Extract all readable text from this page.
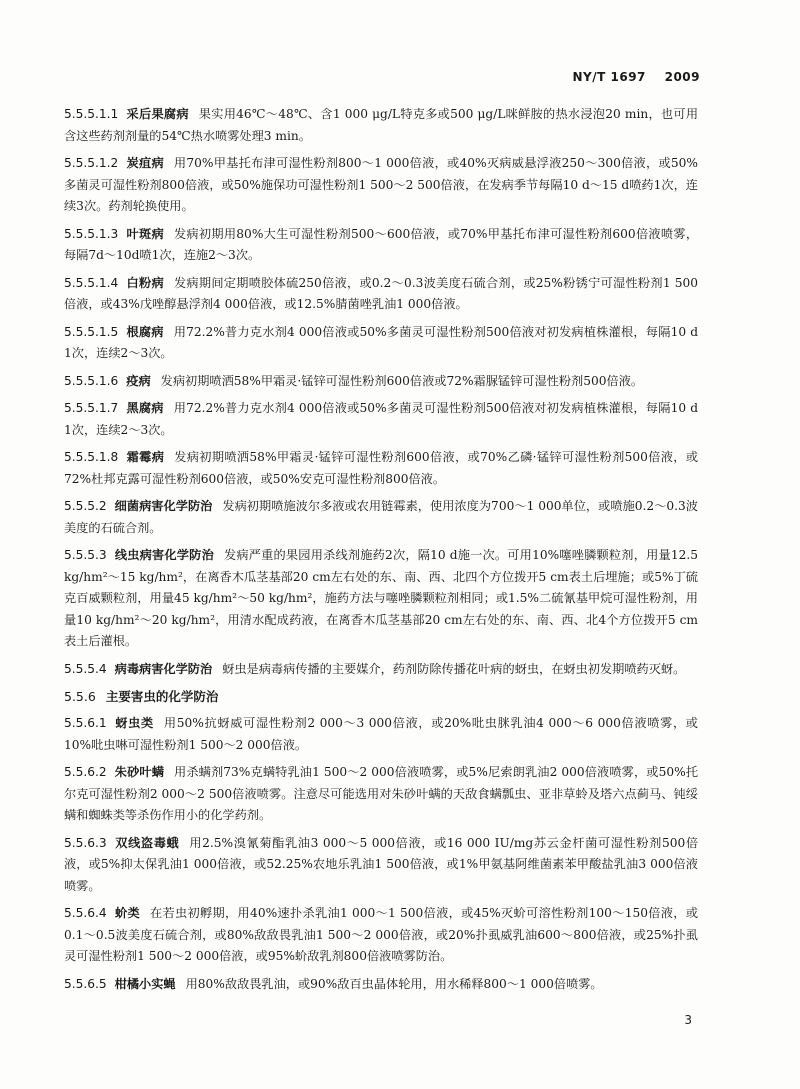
NY/T 1697 2009
5.5.5.1.1 采后果腐病 果实用46℃～48℃、含1 000 μg/L特克多或500 μg/L咪鲜胺的热水浸泡20 min，也可用含这些药剂剂量的54℃热水喷雾处理3 min。
5.5.5.1.2 炭疽病 用70%甲基托布津可湿性粉剂800～1 000倍液，或40%灭病威悬浮液250～300倍液，或50%多菌灵可湿性粉剂800倍液，或50%施保功可湿性粉剂1 500～2 500倍液，在发病季节每隔10 d～15 d喷药1次，连续3次。药剂轮换使用。
5.5.5.1.3 叶斑病 发病初期用80%大生可湿性粉剂500～600倍液，或70%甲基托布津可湿性粉剂600倍液喷雾，每隔7d～10d喷1次，连施2～3次。
5.5.5.1.4 白粉病 发病期间定期喷胶体硫250倍液，或0.2～0.3波美度石硫合剂，或25%粉锈宁可湿性粉剂1 500倍液，或43%戊唑醇悬浮剂4 000倍液，或12.5%腈菌唑乳油1 000倍液。
5.5.5.1.5 根腐病 用72.2%普力克水剂4 000倍液或50%多菌灵可湿性粉剂500倍液对初发病植株灌根，每隔10 d 1次，连续2～3次。
5.5.5.1.6 疫病 发病初期喷洒58%甲霜灵·锰锌可湿性粉剂600倍液或72%霜脲锰锌可湿性粉剂500倍液。
5.5.5.1.7 黑腐病 用72.2%普力克水剂4 000倍液或50%多菌灵可湿性粉剂500倍液对初发病植株灌根，每隔10 d 1次，连续2～3次。
5.5.5.1.8 霜霉病 发病初期喷洒58%甲霜灵·锰锌可湿性粉剂600倍液，或70%乙磷·锰锌可湿性粉剂500倍液，或72%杜邦克露可湿性粉剂600倍液，或50%安克可湿性粉剂800倍液。
5.5.5.2 细菌病害化学防治 发病初期喷施波尔多液或农用链霉素，使用浓度为700～1 000单位，或喷施0.2～0.3波美度的石硫合剂。
5.5.5.3 线虫病害化学防治 发病严重的果园用杀线剂施药2次，隔10 d施一次。可用10%噻唑膦颗粒剂，用量12.5 kg/hm²～15 kg/hm²，在离香木瓜茎基部20 cm左右处的东、南、西、北四个方位拨开5 cm表土后埋施；或5%丁硫克百威颗粒剂，用量45 kg/hm²～50 kg/hm²，施药方法与噻唑膦颗粒剂相同；或1.5%二硫氰基甲烷可湿性粉剂，用量10 kg/hm²～20 kg/hm²，用清水配成药液，在离香木瓜茎基部20 cm左右处的东、南、西、北4个方位拨开5 cm表土后灌根。
5.5.5.4 病毒病害化学防治 蚜虫是病毒病传播的主要媒介，药剂防除传播花叶病的蚜虫，在蚜虫初发期喷药灭蚜。
5.5.6 主要害虫的化学防治
5.5.6.1 蚜虫类 用50%抗蚜威可湿性粉剂2 000～3 000倍液，或20%吡虫脒乳油4 000～6 000倍液喷雾，或10%吡虫啉可湿性粉剂1 500～2 000倍液。
5.5.6.2 朱砂叶螨 用杀螨剂73%克螨特乳油1 500～2 000倍液喷雾，或5%尼索朗乳油2 000倍液喷雾，或50%托尔克可湿性粉剂2 000～2 500倍液喷雾。注意尽可能选用对朱砂叶螨的天敌食螨瓢虫、亚非草蛉及塔六点蓟马、钝绥螨和蜘蛛类等杀伤作用小的化学药剂。
5.5.6.3 双线盗毒蛾 用2.5%溴氰菊酯乳油3 000～5 000倍液，或16 000 IU/mg苏云金杆菌可湿性粉剂500倍液，或5%抑太保乳油1 000倍液，或52.25%农地乐乳油1 500倍液，或1%甲氨基阿维菌素苯甲酸盐乳油3 000倍液喷雾。
5.5.6.4 蚧类 在若虫初孵期，用40%速扑杀乳油1 000～1 500倍液，或45%灭蚧可溶性粉剂100～150倍液，或0.1～0.5波美度石硫合剂，或80%敌敌畏乳油1 500～2 000倍液，或20%扑虱威乳油600～800倍液，或25%扑虱灵可湿性粉剂1 500～2 000倍液，或95%蚧敌乳剂800倍液喷雾防治。
5.5.6.5 柑橘小实蝇 用80%敌敌畏乳油，或90%敌百虫晶体轮用，用水稀释800～1 000倍喷雾。
3
